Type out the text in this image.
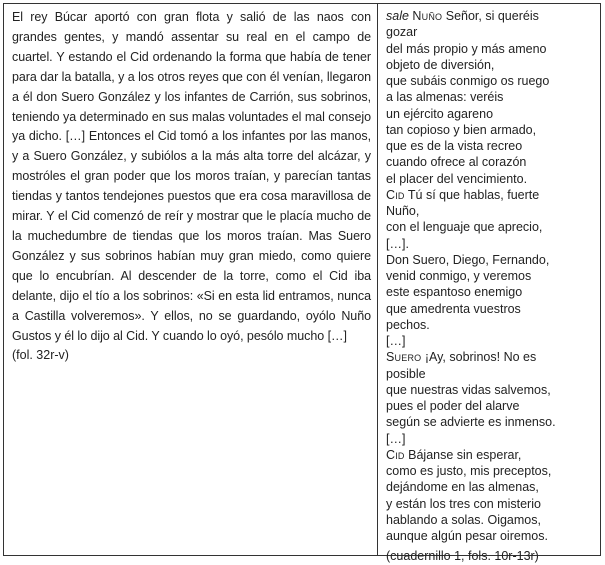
El rey Búcar aportó con gran flota y salió de las naos con grandes gentes, y mandó assentar su real en el campo de cuartel. Y estando el Cid ordenando la forma que había de tener para dar la batalla, y a los otros reyes que con él venían, llegaron a él don Suero González y los infantes de Carrión, sus sobrinos, teniendo ya determinado en sus malas voluntades el mal consejo ya dicho. […] Entonces el Cid tomó a los infantes por las manos, y a Suero González, y subiólos a la más alta torre del alcázar, y mostróles el gran poder que los moros traían, y parecían tantas tiendas y tantos tendejones puestos que era cosa maravillosa de mirar. Y el Cid comenzó de reír y mostrar que le placía mucho de la muchedumbre de tiendas que los moros traían. Mas Suero González y sus sobrinos habían muy gran miedo, como quiere que lo encubrían. Al descender de la torre, como el Cid iba delante, dijo el tío a los sobrinos: «Si en esta lid entramos, nunca a Castilla volveremos». Y ellos, no se guardando, oyólo Nuño Gustos y él lo dijo al Cid. Y cuando lo oyó, pesólo mucho […]

(fol. 32r-v)

sale Nuño Señor, si queréis
gozar
del más propio y más ameno
objeto de diversión,
que subáis conmigo os ruego
a las almenas: veréis
un ejército agareno
tan copioso y bien armado,
que es de la vista recreo
cuando ofrece al corazón
el placer del vencimiento.
Cid Tú sí que hablas, fuerte
Nuño,
con el lenguaje que aprecio,
[…].
Don Suero, Diego, Fernando,
venid conmigo, y veremos
este espantoso enemigo
que amedrenta vuestros
pechos.
[…]
Suero ¡Ay, sobrinos! No es
posible
que nuestras vidas salvemos,
pues el poder del alarve
según se advierte es inmenso.
[…]
Cid Bájanse sin esperar,
como es justo, mis preceptos,
dejándome en las almenas,
y están los tres con misterio
hablando a solas. Oigamos,
aunque algún pesar oiremos.
(cuadernillo 1, fols. 10r-13r)
